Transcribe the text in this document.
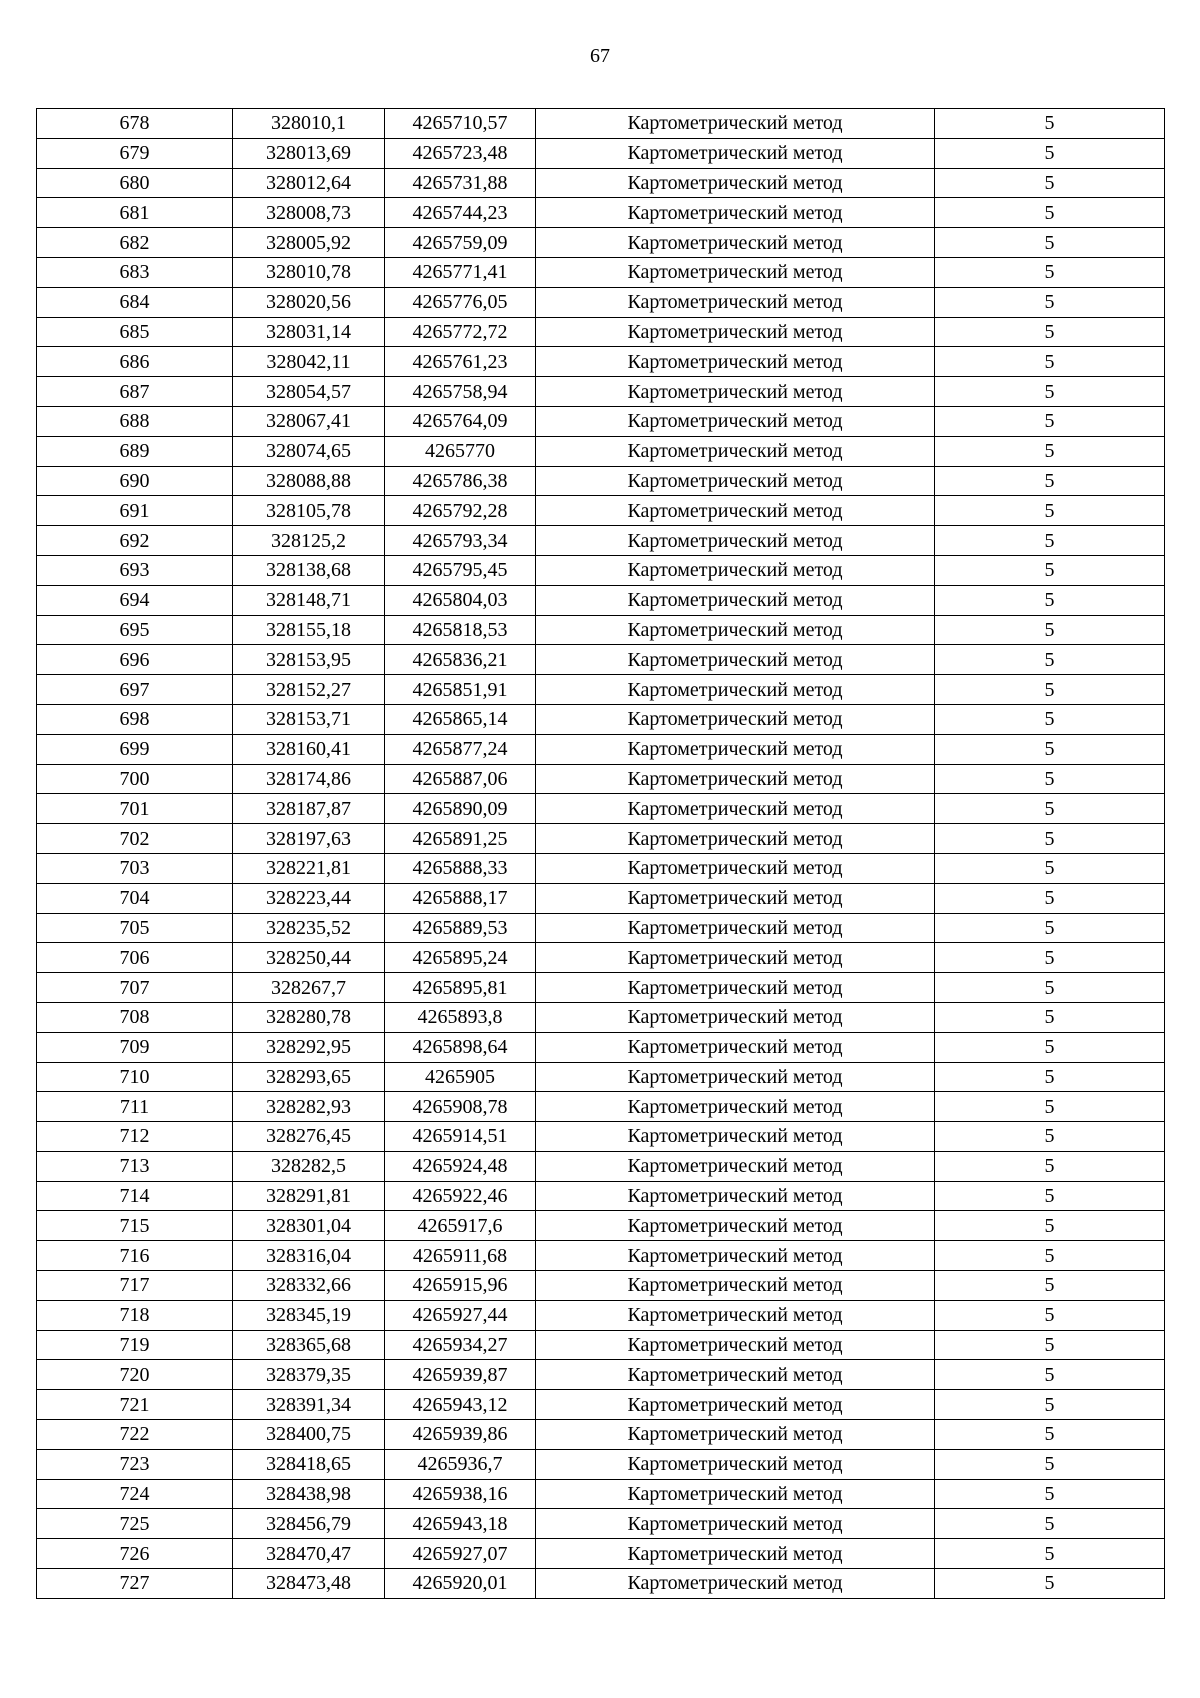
67
678	328010,1	4265710,57	Картометрический метод	5
679	328013,69	4265723,48	Картометрический метод	5
680	328012,64	4265731,88	Картометрический метод	5
681	328008,73	4265744,23	Картометрический метод	5
682	328005,92	4265759,09	Картометрический метод	5
683	328010,78	4265771,41	Картометрический метод	5
684	328020,56	4265776,05	Картометрический метод	5
685	328031,14	4265772,72	Картометрический метод	5
686	328042,11	4265761,23	Картометрический метод	5
687	328054,57	4265758,94	Картометрический метод	5
688	328067,41	4265764,09	Картометрический метод	5
689	328074,65	4265770	Картометрический метод	5
690	328088,88	4265786,38	Картометрический метод	5
691	328105,78	4265792,28	Картометрический метод	5
692	328125,2	4265793,34	Картометрический метод	5
693	328138,68	4265795,45	Картометрический метод	5
694	328148,71	4265804,03	Картометрический метод	5
695	328155,18	4265818,53	Картометрический метод	5
696	328153,95	4265836,21	Картометрический метод	5
697	328152,27	4265851,91	Картометрический метод	5
698	328153,71	4265865,14	Картометрический метод	5
699	328160,41	4265877,24	Картометрический метод	5
700	328174,86	4265887,06	Картометрический метод	5
701	328187,87	4265890,09	Картометрический метод	5
702	328197,63	4265891,25	Картометрический метод	5
703	328221,81	4265888,33	Картометрический метод	5
704	328223,44	4265888,17	Картометрический метод	5
705	328235,52	4265889,53	Картометрический метод	5
706	328250,44	4265895,24	Картометрический метод	5
707	328267,7	4265895,81	Картометрический метод	5
708	328280,78	4265893,8	Картометрический метод	5
709	328292,95	4265898,64	Картометрический метод	5
710	328293,65	4265905	Картометрический метод	5
711	328282,93	4265908,78	Картометрический метод	5
712	328276,45	4265914,51	Картометрический метод	5
713	328282,5	4265924,48	Картометрический метод	5
714	328291,81	4265922,46	Картометрический метод	5
715	328301,04	4265917,6	Картометрический метод	5
716	328316,04	4265911,68	Картометрический метод	5
717	328332,66	4265915,96	Картометрический метод	5
718	328345,19	4265927,44	Картометрический метод	5
719	328365,68	4265934,27	Картометрический метод	5
720	328379,35	4265939,87	Картометрический метод	5
721	328391,34	4265943,12	Картометрический метод	5
722	328400,75	4265939,86	Картометрический метод	5
723	328418,65	4265936,7	Картометрический метод	5
724	328438,98	4265938,16	Картометрический метод	5
725	328456,79	4265943,18	Картометрический метод	5
726	328470,47	4265927,07	Картометрический метод	5
727	328473,48	4265920,01	Картометрический метод	5
